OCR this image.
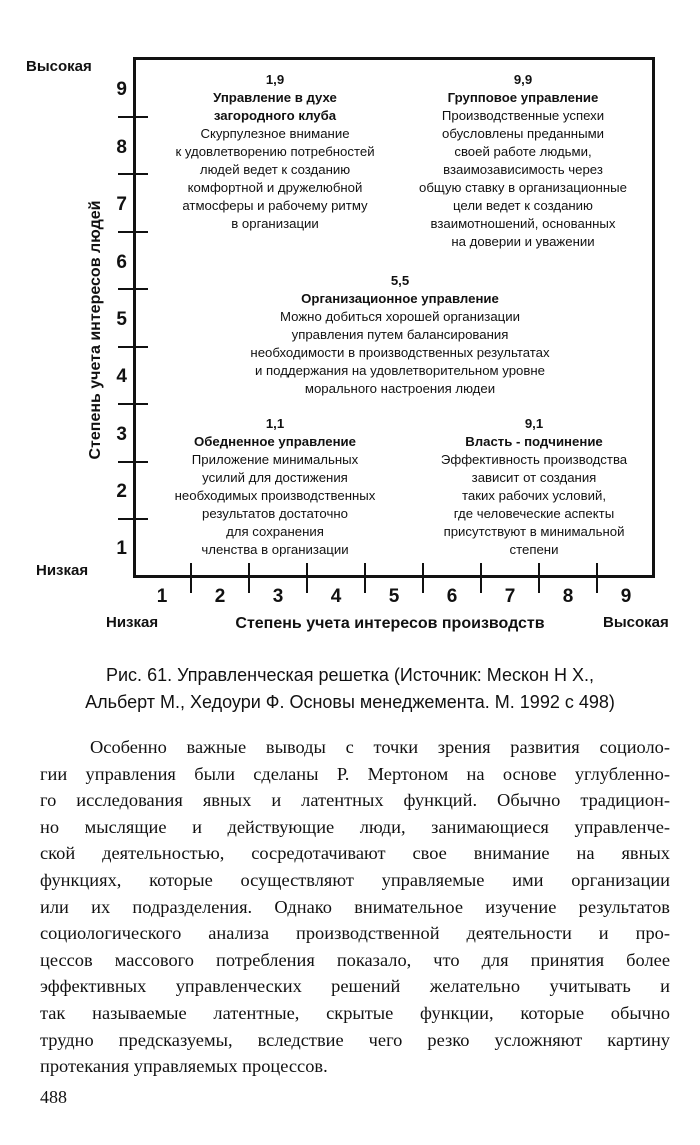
Высокая
Низкая
Степень учета интересов людей
9
8
7
6
5
4
3
2
1
1	2	3	4	5	6	7	8	9
Низкая	Степень учета интересов производств	Высокая
1,9
Управление в духе
загородного клуба
Скурпулезное внимание
к удовлетворению потребностей
людей ведет к созданию
комфортной и дружелюбной
атмосферы и рабочему ритму
в организации
9,9
Групповое управление
Производственные успехи
обусловлены преданными
своей работе людьми,
взаимозависимость через
общую ставку в организационные
цели ведет к созданию
взаимотношений, основанных
на доверии и уважении
5,5
Организационное управление
Можно добиться хорошей организации
управления путем балансирования
необходимости в производственных результатах
и поддержания на удовлетворительном уровне
морального настроения людеи
1,1
Обедненное управление
Приложение минимальных
усилий для достижения
необходимых производственных
результатов достаточно
для сохранения
членства в организации
9,1
Власть - подчинение
Эффективность производства
зависит от создания
таких рабочих условий,
где человеческие аспекты
присутствуют в минимальной
степени
Рис. 61. Управленческая решетка (Источник: Мескон Н X.,
Альберт М., Хедоури Ф. Основы менеджемента. М. 1992 с 498)
Особенно важные выводы с точки зрения развития социоло-
гии управления были сделаны Р. Мертоном на основе углубленно-
го исследования явных и латентных функций. Обычно традицион-
но мыслящие и действующие люди, занимающиеся управленче-
ской деятельностью, сосредотачивают свое внимание на явных
функциях, которые осуществляют управляемые ими организации
или их подразделения. Однако внимательное изучение результатов
социологического анализа производственной деятельности и про-
цессов массового потребления показало, что для принятия более
эффективных управленческих решений желательно учитывать и
так называемые латентные, скрытые функции, которые обычно
трудно предсказуемы, вследствие чего резко усложняют картину
протекания управляемых процессов.
488
